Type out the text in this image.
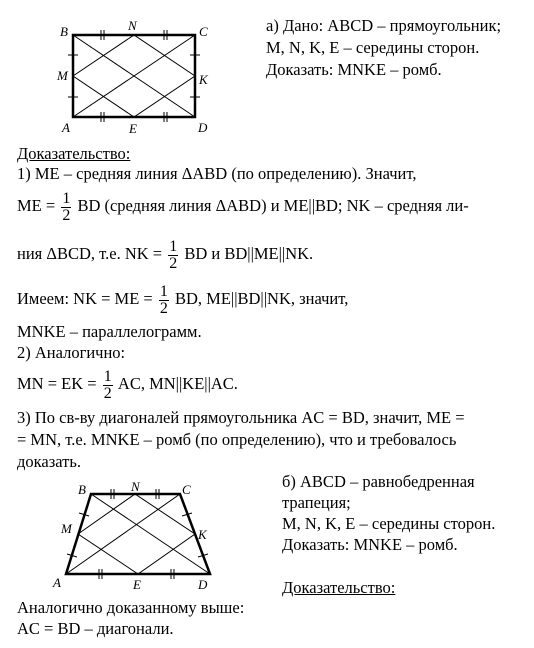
B	N	C
M	K
A	E	D
а) Дано: ABCD – прямоугольник;
M, N, K, E – середины сторон.
Доказать: MNKE – ромб.
Доказательство:
1) ME – средняя линия ΔABD (по определению). Значит,
ME = $\frac{1}{2}$ BD (средняя линия ΔABD) и ME||BD; NK – средняя ли-
ния ΔBCD, т.е. NK = $\frac{1}{2}$ BD и BD||ME||NK.
Имеем: NK = ME = $\frac{1}{2}$ BD, ME||BD||NK, значит,
MNKE – параллелограмм.
2) Аналогично:
MN = EK = $\frac{1}{2}$ AC, MN||KE||AC.
3) По св-ву диагоналей прямоугольника AC = BD, значит, ME =
= MN, т.е. MNKE – ромб (по определению), что и требовалось
доказать.
B	N	C
M	K
A	E	D
б) ABCD – равнобедренная
трапеция;
M, N, K, E – середины сторон.
Доказать: MNKE – ромб.
Доказательство:
Аналогично доказанному выше:
AC = BD – диагонали.
